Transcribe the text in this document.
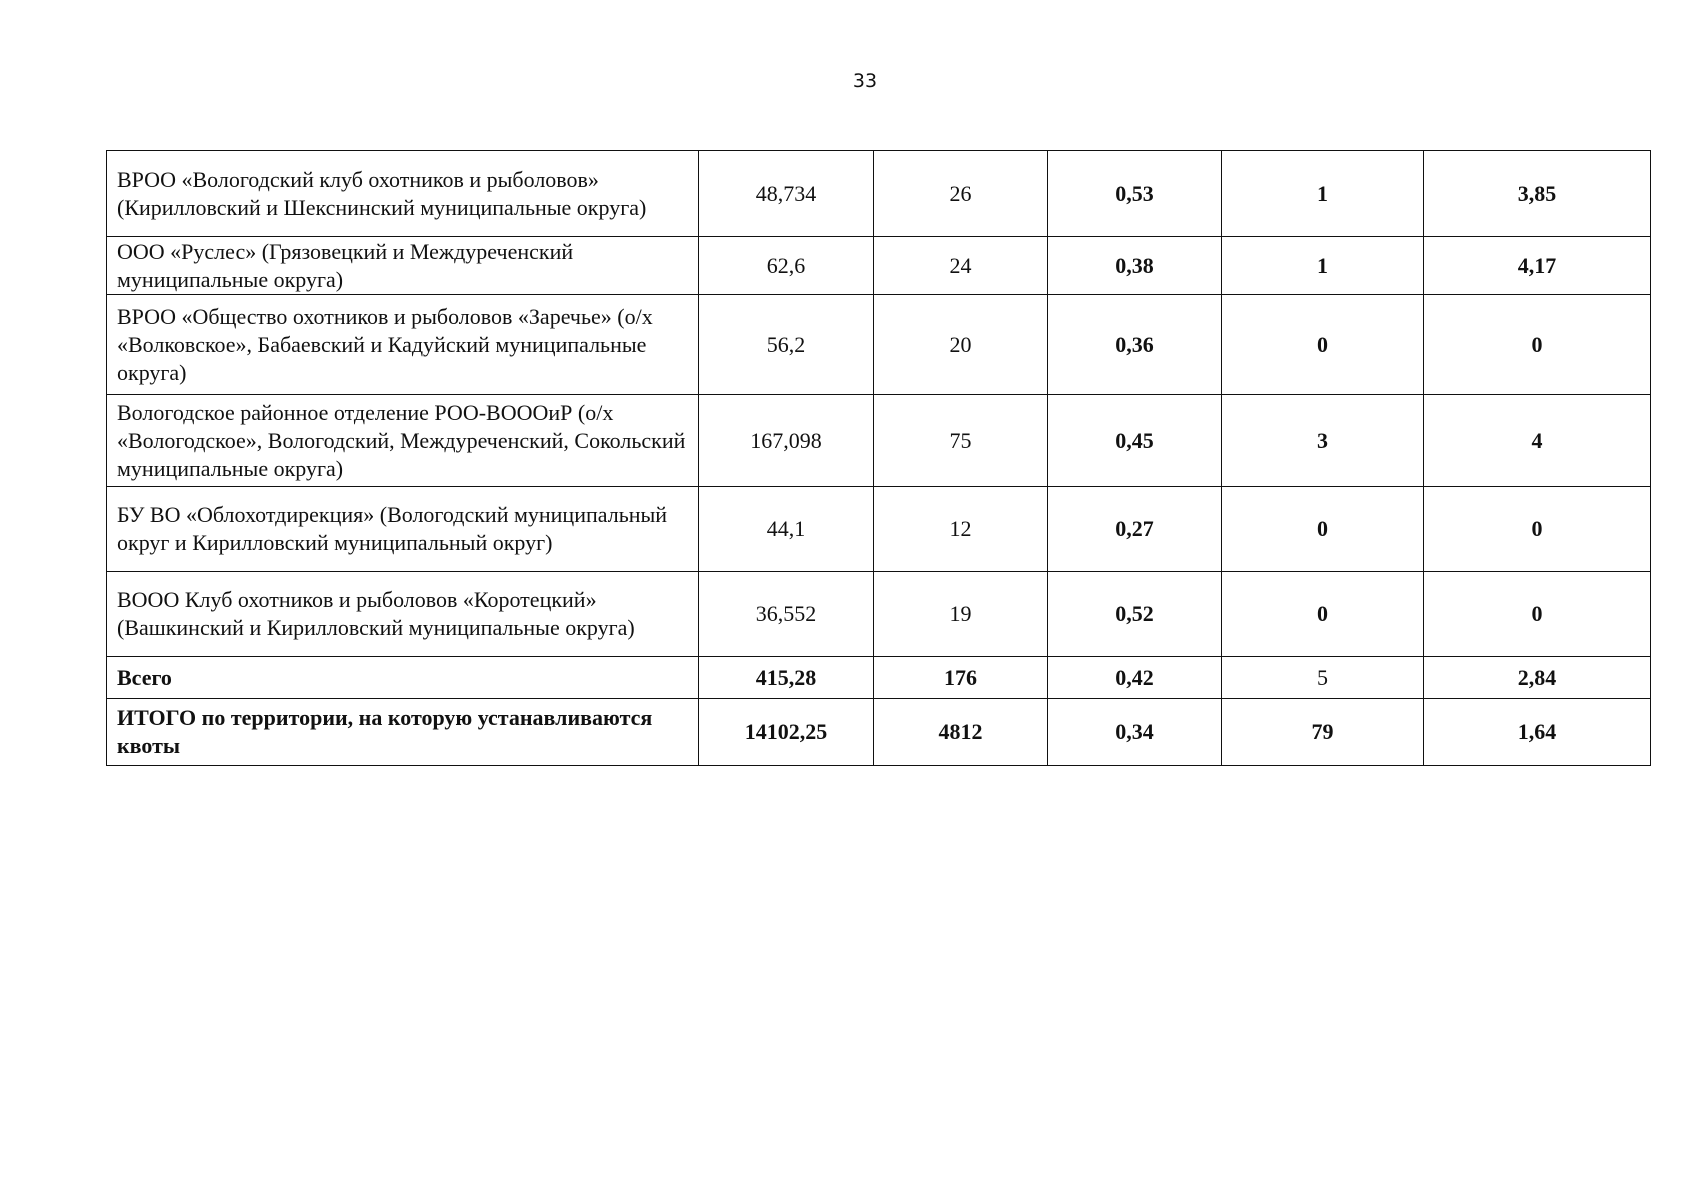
33
ВРОО «Вологодский клуб охотников и рыболовов» (Кирилловский и Шекснинский муниципальные округа)	48,734	26	0,53	1	3,85
ООО «Руслес» (Грязовецкий и Междуреченский муниципальные округа)	62,6	24	0,38	1	4,17
ВРОО «Общество охотников и рыболовов «Заречье» (о/х «Волковское», Бабаевский и Кадуйский муниципальные округа)	56,2	20	0,36	0	0
Вологодское районное отделение РОО-ВОООиР (о/х «Вологодское», Вологодский, Междуреченский, Сокольский муниципальные округа)	167,098	75	0,45	3	4
БУ ВО «Облохотдирекция» (Вологодский муниципальный округ и Кирилловский муниципальный округ)	44,1	12	0,27	0	0
ВООО Клуб охотников и рыболовов «Коротецкий» (Вашкинский и Кирилловский муниципальные округа)	36,552	19	0,52	0	0
Всего	415,28	176	0,42	5	2,84
ИТОГО по территории, на которую устанавливаются квоты	14102,25	4812	0,34	79	1,64
